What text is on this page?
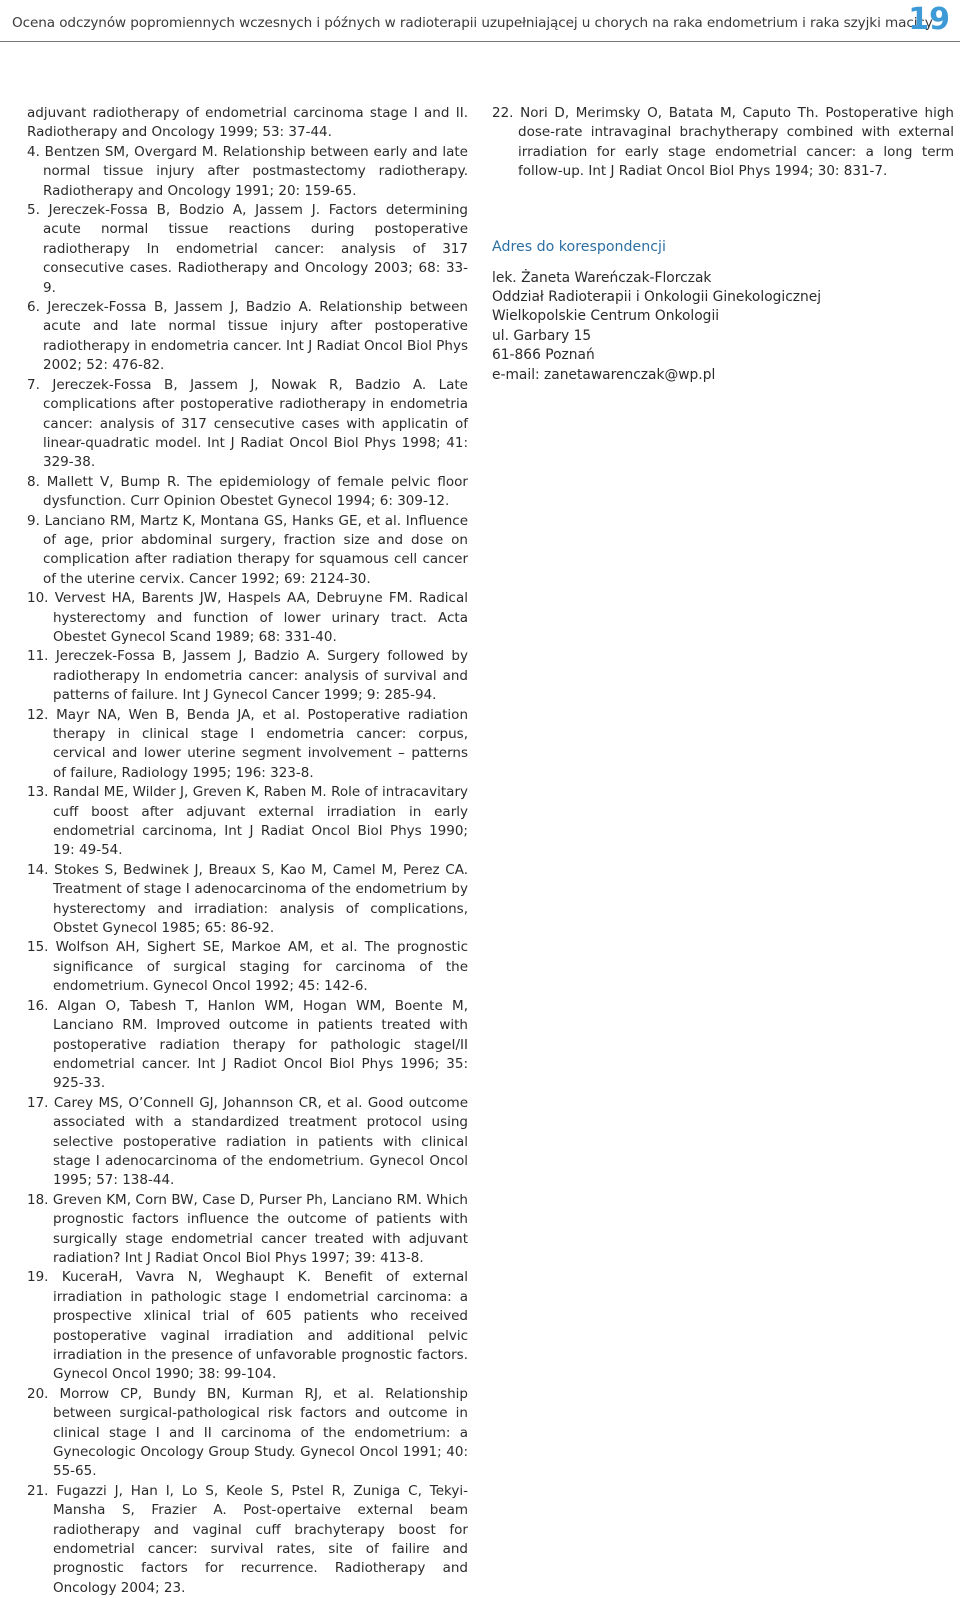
Ocena odczynów popromiennych wczesnych i późnych w radioterapii uzupełniającej u chorych na raka endometrium i raka szyjki macicy
19
adjuvant radiotherapy of endometrial carcinoma stage I and II. Radiotherapy and Oncology 1999; 53: 37-44.
4. Bentzen SM, Overgard M. Relationship between early and late normal tissue injury after postmastectomy radiotherapy. Radiotherapy and Oncology 1991; 20: 159-65.
5. Jereczek-Fossa B, Bodzio A, Jassem J. Factors determining acute normal tissue reactions during postoperative radiotherapy In endometrial cancer: analysis of 317 consecutive cases. Radiotherapy and Oncology 2003; 68: 33-9.
6. Jereczek-Fossa B, Jassem J, Badzio A. Relationship between acute and late normal tissue injury after postoperative radiotherapy in endometria cancer. Int J Radiat Oncol Biol Phys 2002; 52: 476-82.
7. Jereczek-Fossa B, Jassem J, Nowak R, Badzio A. Late complications after postoperative radiotherapy in endometria cancer: analysis of 317 censecutive cases with applicatin of linear-quadratic model. Int J Radiat Oncol Biol Phys 1998; 41: 329-38.
8. Mallett V, Bump R. The epidemiology of female pelvic floor dysfunction. Curr Opinion Obestet Gynecol 1994; 6: 309-12.
9. Lanciano RM, Martz K, Montana GS, Hanks GE, et al. Influence of age, prior abdominal surgery, fraction size and dose on complication after radiation therapy for squamous cell cancer of the uterine cervix. Cancer 1992; 69: 2124-30.
10. Vervest HA, Barents JW, Haspels AA, Debruyne FM. Radical hysterectomy and function of lower urinary tract. Acta Obestet Gynecol Scand 1989; 68: 331-40.
11. Jereczek-Fossa B, Jassem J, Badzio A. Surgery followed by radiotherapy In endometria cancer: analysis of survival and patterns of failure. Int J Gynecol Cancer 1999; 9: 285-94.
12. Mayr NA, Wen B, Benda JA, et al. Postoperative radiation therapy in clinical stage I endometria cancer: corpus, cervical and lower uterine segment involvement – patterns of failure, Radiology 1995; 196: 323-8.
13. Randal ME, Wilder J, Greven K, Raben M. Role of intracavitary cuff boost after adjuvant external irradiation in early endometrial carcinoma, Int J Radiat Oncol Biol Phys 1990; 19: 49-54.
14. Stokes S, Bedwinek J, Breaux S, Kao M, Camel M, Perez CA. Treatment of stage I adenocarcinoma of the endometrium by hysterectomy and irradiation: analysis of complications, Obstet Gynecol 1985; 65: 86-92.
15. Wolfson AH, Sighert SE, Markoe AM, et al. The prognostic significance of surgical staging for carcinoma of the endometrium. Gynecol Oncol 1992; 45: 142-6.
16. Algan O, Tabesh T, Hanlon WM, Hogan WM, Boente M, Lanciano RM. Improved outcome in patients treated with postoperative radiation therapy for pathologic stageI/II endometrial cancer. Int J Radiot Oncol Biol Phys 1996; 35: 925-33.
17. Carey MS, O’Connell GJ, Johannson CR, et al. Good outcome associated with a standardized treatment protocol using selective postoperative radiation in patients with clinical stage I adenocarcinoma of the endometrium. Gynecol Oncol 1995; 57: 138-44.
18. Greven KM, Corn BW, Case D, Purser Ph, Lanciano RM. Which prognostic factors influence the outcome of patients with surgically stage endometrial cancer treated with adjuvant radiation? Int J Radiat Oncol Biol Phys 1997; 39: 413-8.
19. KuceraH, Vavra N, Weghaupt K. Benefit of external irradiation in pathologic stage I endometrial carcinoma: a prospective xlinical trial of 605 patients who received postoperative vaginal irradiation and additional pelvic irradiation in the presence of unfavorable prognostic factors. Gynecol Oncol 1990; 38: 99-104.
20. Morrow CP, Bundy BN, Kurman RJ, et al. Relationship between surgical-pathological risk factors and outcome in clinical stage I and II carcinoma of the endometrium: a Gynecologic Oncology Group Study. Gynecol Oncol 1991; 40: 55-65.
21. Fugazzi J, Han I, Lo S, Keole S, Pstel R, Zuniga C, Tekyi-Mansha S, Frazier A. Post-opertaive external beam radiotherapy and vaginal cuff brachyterapy boost for endometrial cancer: survival rates, site of failire and prognostic factors for recurrence. Radiotherapy and Oncology 2004; 23.
22. Nori D, Merimsky O, Batata M, Caputo Th. Postoperative high dose-rate intravaginal brachytherapy combined with external irradiation for early stage endometrial cancer: a long term follow-up. Int J Radiat Oncol Biol Phys 1994; 30: 831-7.
Adres do korespondencji
lek. Żaneta Wareńczak-Florczak
Oddział Radioterapii i Onkologii Ginekologicznej
Wielkopolskie Centrum Onkologii
ul. Garbary 15
61-866 Poznań
e-mail: zanetawarenczak@wp.pl
